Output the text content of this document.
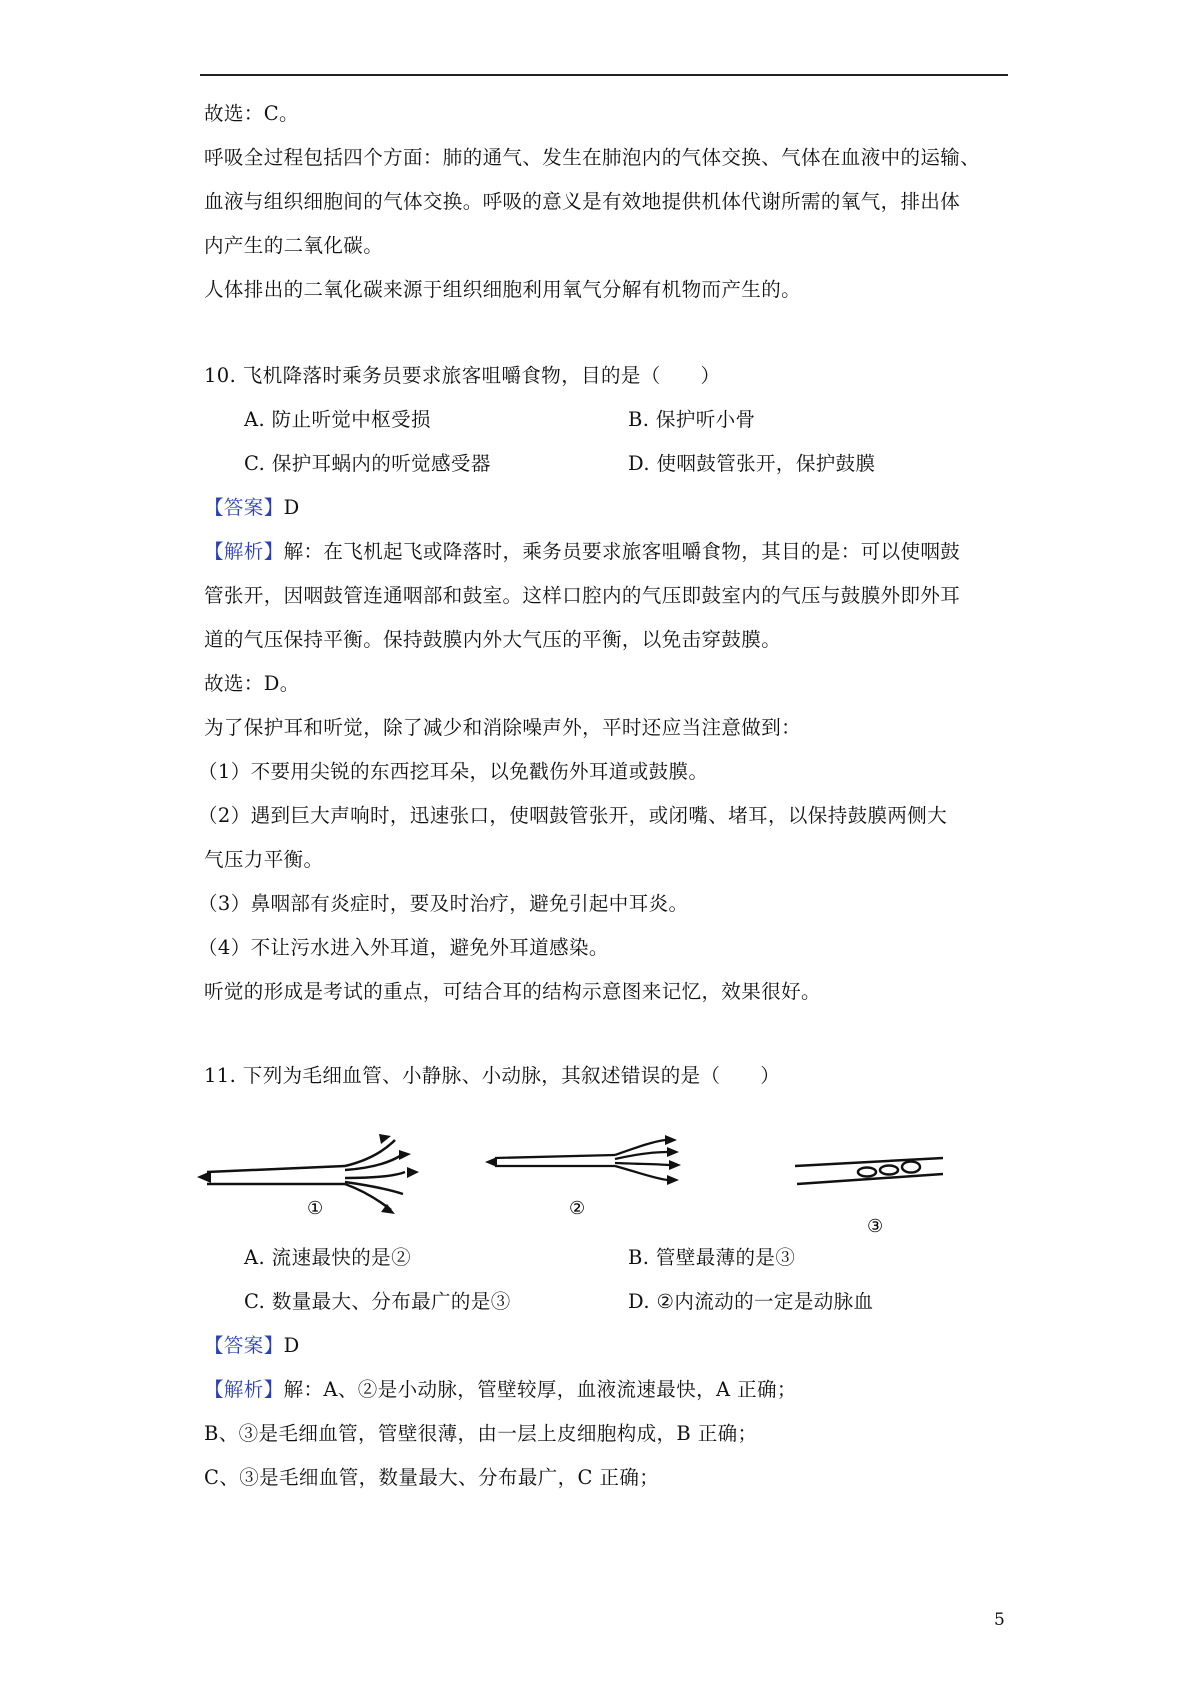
故选：C。
呼吸全过程包括四个方面：肺的通气、发生在肺泡内的气体交换、气体在血液中的运输、
血液与组织细胞间的气体交换。呼吸的意义是有效地提供机体代谢所需的氧气，排出体
内产生的二氧化碳。
人体排出的二氧化碳来源于组织细胞利用氧气分解有机物而产生的。
10. 飞机降落时乘务员要求旅客咀嚼食物，目的是（　　）
A. 防止听觉中枢受损	B. 保护听小骨
C. 保护耳蜗内的听觉感受器	D. 使咽鼓管张开，保护鼓膜
【答案】D
【解析】解：在飞机起飞或降落时，乘务员要求旅客咀嚼食物，其目的是：可以使咽鼓
管张开，因咽鼓管连通咽部和鼓室。这样口腔内的气压即鼓室内的气压与鼓膜外即外耳
道的气压保持平衡。保持鼓膜内外大气压的平衡，以免击穿鼓膜。
故选：D。
为了保护耳和听觉，除了减少和消除噪声外，平时还应当注意做到：
（1）不要用尖锐的东西挖耳朵，以免戳伤外耳道或鼓膜。
（2）遇到巨大声响时，迅速张口，使咽鼓管张开，或闭嘴、堵耳，以保持鼓膜两侧大
气压力平衡。
（3）鼻咽部有炎症时，要及时治疗，避免引起中耳炎。
（4）不让污水进入外耳道，避免外耳道感染。
听觉的形成是考试的重点，可结合耳的结构示意图来记忆，效果很好。
11. 下列为毛细血管、小静脉、小动脉，其叙述错误的是（　　）
①	②
③
A. 流速最快的是②	B. 管壁最薄的是③
C. 数量最大、分布最广的是③	D. ②内流动的一定是动脉血
【答案】D
【解析】解：A、②是小动脉，管壁较厚，血液流速最快，A 正确；
B、③是毛细血管，管壁很薄，由一层上皮细胞构成，B 正确；
C、③是毛细血管，数量最大、分布最广，C 正确；
5
